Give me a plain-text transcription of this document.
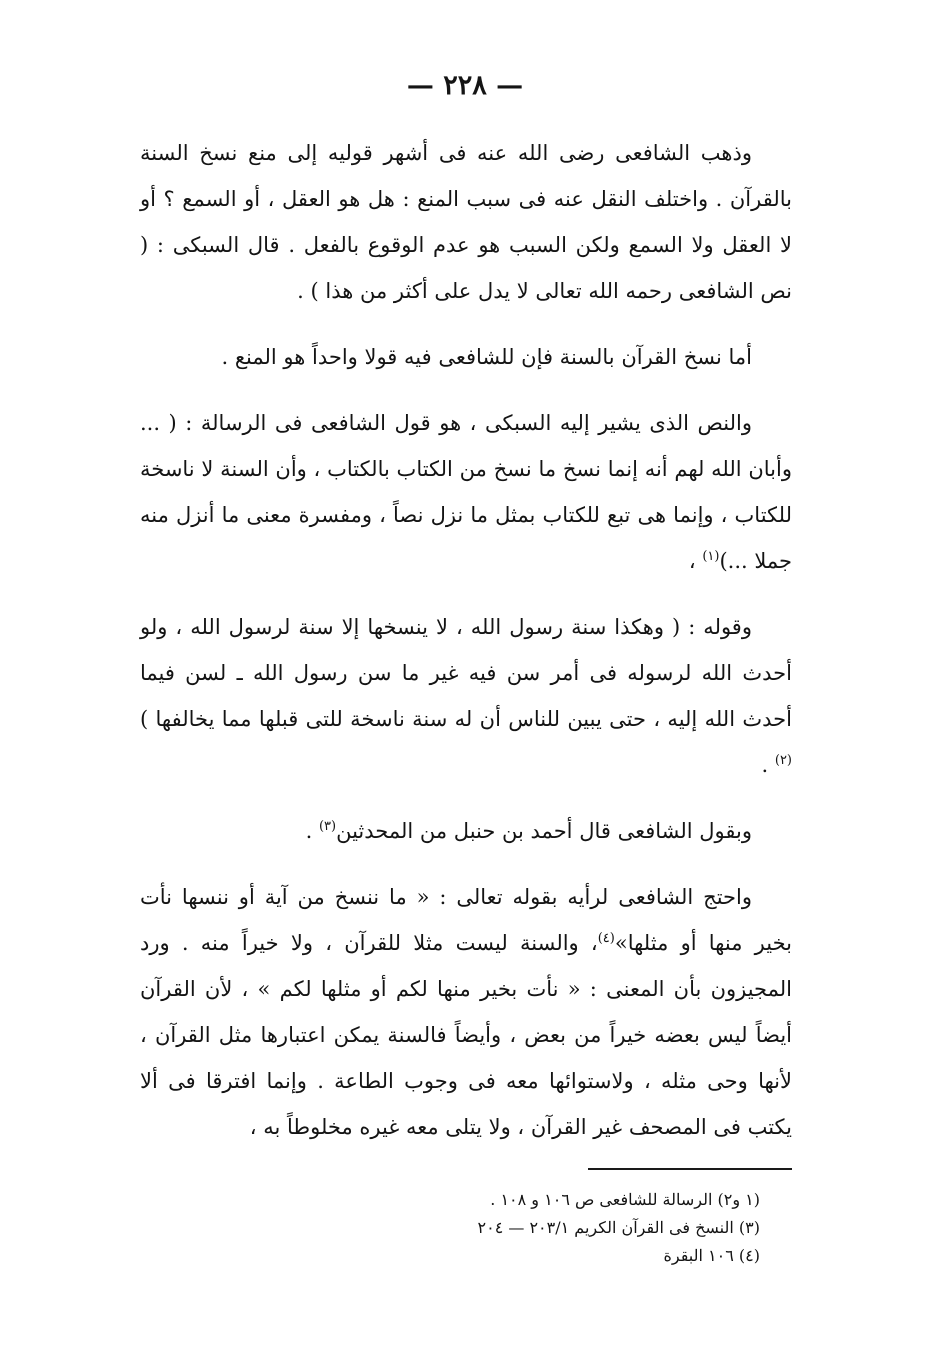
— ٢٢٨ —

وذهب الشافعى رضى الله عنه فى أشهر قوليه إلى منع نسخ السنة بالقرآن . واختلف النقل عنه فى سبب المنع : هل هو العقل ، أو السمع ؟ أو لا العقل ولا السمع ولكن السبب هو عدم الوقوع بالفعل . قال السبكى : ( نص الشافعى رحمه الله تعالى لا يدل على أكثر من هذا ) .

أما نسخ القرآن بالسنة فإن للشافعى فيه قولا واحداً هو المنع .

والنص الذى يشير إليه السبكى ، هو قول الشافعى فى الرسالة : ( ... وأبان الله لهم أنه إنما نسخ ما نسخ من الكتاب بالكتاب ، وأن السنة لا ناسخة للكتاب ، وإنما هى تبع للكتاب بمثل ما نزل نصاً ، ومفسرة معنى ما أنزل منه جملا ...)$^{(١)}$ ،

وقوله : ( وهكذا سنة رسول الله ، لا ينسخها إلا سنة لرسول الله ، ولو أحدث الله لرسوله فى أمر سن فيه غير ما سن رسول الله ـ لسن فيما أحدث الله إليه ، حتى يبين للناس أن له سنة ناسخة للتى قبلها مما يخالفها )$^{(٢)}$ .

وبقول الشافعى قال أحمد بن حنبل من المحدثين$^{(٣)}$ .

واحتج الشافعى لرأيه بقوله تعالى : « ما ننسخ من آية أو ننسها نأت بخير منها أو مثلها»$^{(٤)}$، والسنة ليست مثلا للقرآن ، ولا خيراً منه . ورد المجيزون بأن المعنى : « نأت بخير منها لكم أو مثلها لكم » ، لأن القرآن أيضاً ليس بعضه خيراً من بعض ، وأيضاً فالسنة يمكن اعتبارها مثل القرآن ، لأنها وحى مثله ، ولاستوائها معه فى وجوب الطاعة . وإنما افترقا فى ألا يكتب فى المصحف غير القرآن ، ولا يتلى معه غيره مخلوطاً به ،

(١ و٢) الرسالة للشافعى ص ١٠٦ و ١٠٨ .

(٣) النسخ فى القرآن الكريم ٢٠٣/١ — ٢٠٤

(٤) ١٠٦ البقرة
